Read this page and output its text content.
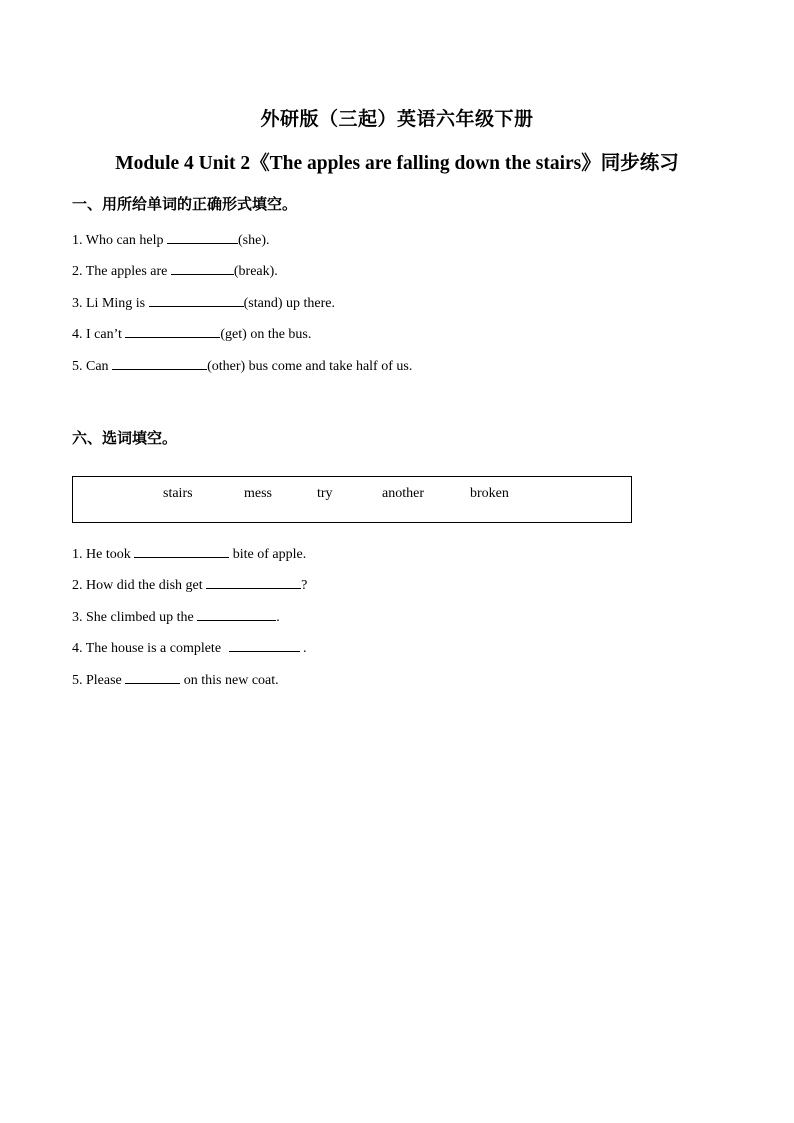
外研版（三起）英语六年级下册
Module 4 Unit 2《The apples are falling down the stairs》同步练习
一、用所给单词的正确形式填空。
1. Who can help	(she).
2. The apples are	(break).
3. Li Ming is	(stand) up there.
4. I can’t	(get) on the bus.
5. Can	(other) bus come and take half of us.
六、选词填空。
stairs	mess	try	another	broken
1. He took	bite of apple.
2. How did the dish get	?
3. She climbed up the	.
4. The house is a complete	.
5. Please	on this new coat.
